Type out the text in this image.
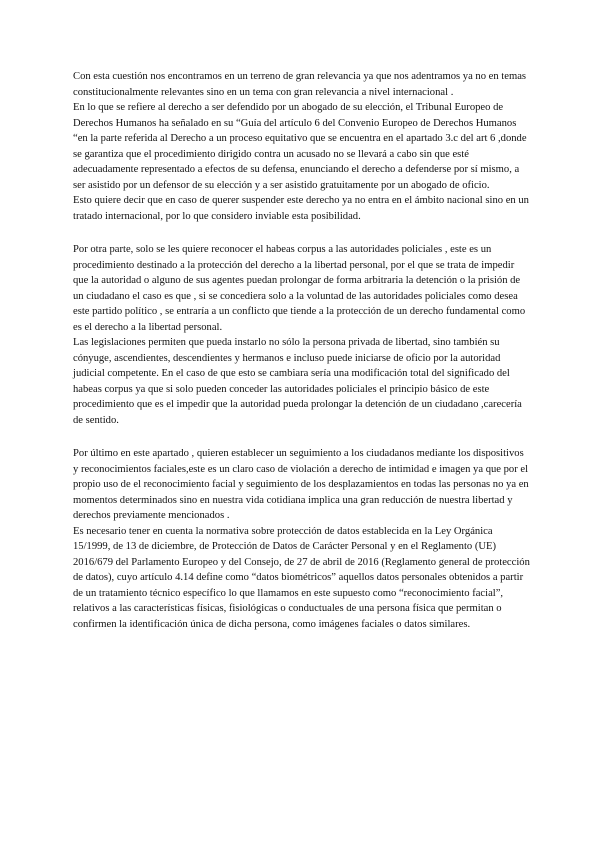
Con esta cuestión nos encontramos en un terreno de gran relevancia ya que nos adentramos ya no en temas constitucionalmente relevantes sino en un tema con gran relevancia a nivel internacional .

En lo que se refiere al derecho a ser defendido por un abogado de su elección, el Tribunal Europeo de Derechos Humanos ha señalado en su “Guía del artículo 6 del Convenio Europeo de Derechos Humanos “en la parte referida al Derecho a un proceso equitativo que se encuentra en el apartado 3.c del art 6 ,donde se garantiza que el procedimiento dirigido contra un acusado no se llevará a cabo sin que esté adecuadamente representado a efectos de su defensa, enunciando el derecho a defenderse por sí mismo, a ser asistido por un defensor de su elección y a ser asistido gratuitamente por un abogado de oficio.

Esto quiere decir que en caso de querer suspender este derecho ya no entra en el ámbito nacional sino en un tratado internacional, por lo que considero inviable esta posibilidad.

Por otra parte, solo se les quiere reconocer el habeas corpus a las autoridades policiales , este es un procedimiento destinado a la protección del derecho a la libertad personal, por el que se trata de impedir que la autoridad o alguno de sus agentes puedan prolongar de forma arbitraria la detención o la prisión de un ciudadano el caso es que , si se concediera solo a la voluntad de las autoridades policiales como desea este partido político , se entraría a un conflicto que tiende a la protección de un derecho fundamental como es el derecho a la libertad personal.

Las legislaciones permiten que pueda instarlo no sólo la persona privada de libertad, sino también su cónyuge, ascendientes, descendientes y hermanos e incluso puede iniciarse de oficio por la autoridad judicial competente. En el caso de que esto se cambiara sería una modificación total del significado del habeas corpus ya que si solo pueden conceder las autoridades policiales el principio básico de este procedimiento que es el impedir que la autoridad pueda prolongar la detención de un ciudadano ,carecería de sentido.

Por último en este apartado , quieren establecer un seguimiento a los ciudadanos mediante los dispositivos y reconocimientos faciales,este es un claro caso de violación a derecho de intimidad e imagen ya que por el propio uso de el reconocimiento facial y seguimiento de los desplazamientos en todas las personas no ya en momentos determinados sino en nuestra vida cotidiana implica una gran reducción de nuestra libertad y derechos previamente mencionados .

Es necesario tener en cuenta la normativa sobre protección de datos establecida en la Ley Orgánica 15/1999, de 13 de diciembre, de Protección de Datos de Carácter Personal y en el Reglamento (UE) 2016/679 del Parlamento Europeo y del Consejo, de 27 de abril de 2016 (Reglamento general de protección de datos), cuyo artículo 4.14 define como “datos biométricos” aquellos datos personales obtenidos a partir de un tratamiento técnico específico lo que llamamos en este supuesto como “reconocimiento facial”, relativos a las características físicas, fisiológicas o conductuales de una persona física que permitan o confirmen la identificación única de dicha persona, como imágenes faciales o datos similares.
